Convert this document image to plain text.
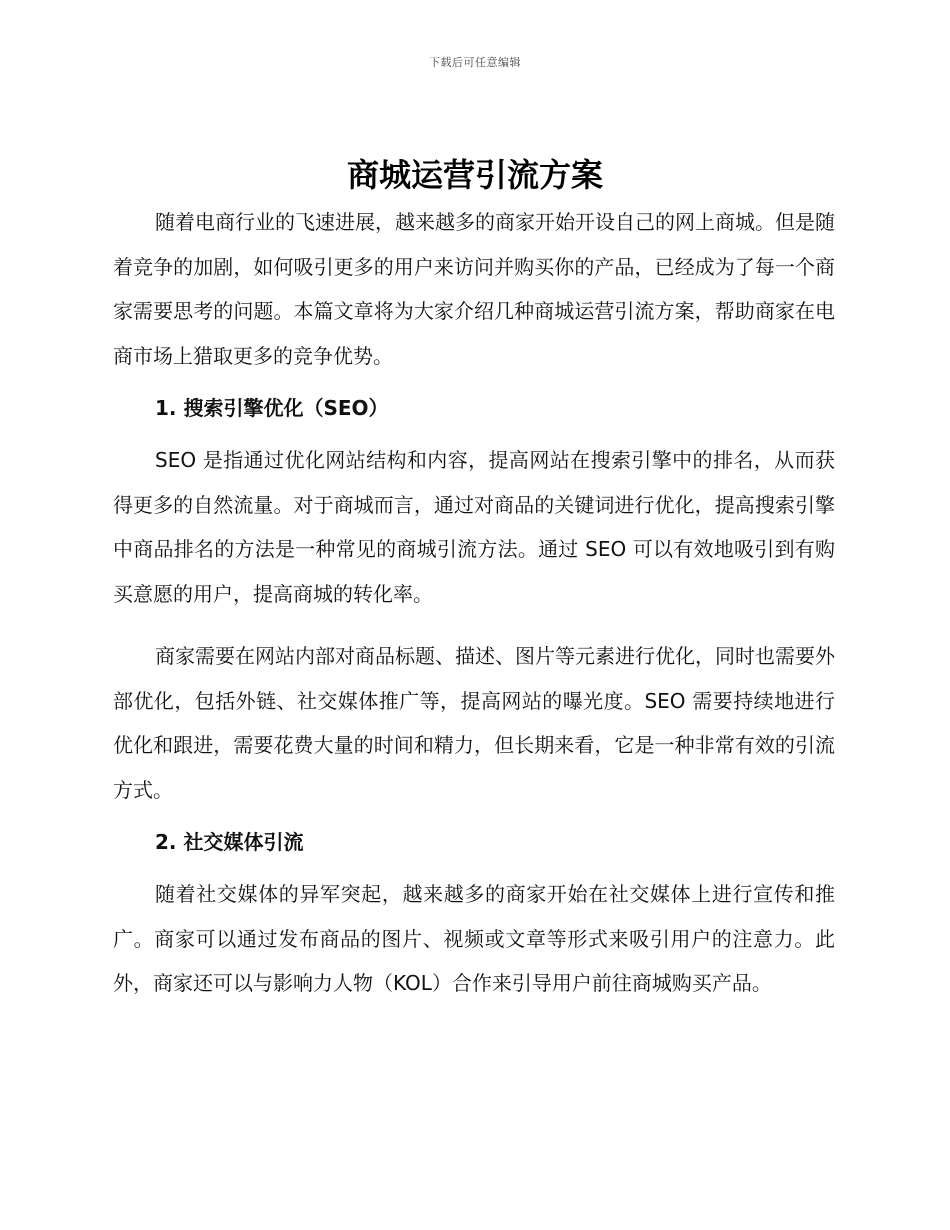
下载后可任意编辑
商城运营引流方案

随着电商行业的飞速进展，越来越多的商家开始开设自己的网上商城。但是随着竞争的加剧，如何吸引更多的用户来访问并购买你的产品，已经成为了每一个商家需要思考的问题。本篇文章将为大家介绍几种商城运营引流方案，帮助商家在电商市场上猎取更多的竞争优势。

1. 搜索引擎优化（SEO）

SEO 是指通过优化网站结构和内容，提高网站在搜索引擎中的排名，从而获得更多的自然流量。对于商城而言，通过对商品的关键词进行优化，提高搜索引擎中商品排名的方法是一种常见的商城引流方法。通过 SEO 可以有效地吸引到有购买意愿的用户，提高商城的转化率。

商家需要在网站内部对商品标题、描述、图片等元素进行优化，同时也需要外部优化，包括外链、社交媒体推广等，提高网站的曝光度。SEO 需要持续地进行优化和跟进，需要花费大量的时间和精力，但长期来看，它是一种非常有效的引流方式。

2. 社交媒体引流

随着社交媒体的异军突起，越来越多的商家开始在社交媒体上进行宣传和推广。商家可以通过发布商品的图片、视频或文章等形式来吸引用户的注意力。此外，商家还可以与影响力人物（KOL）合作来引导用户前往商城购买产品。
